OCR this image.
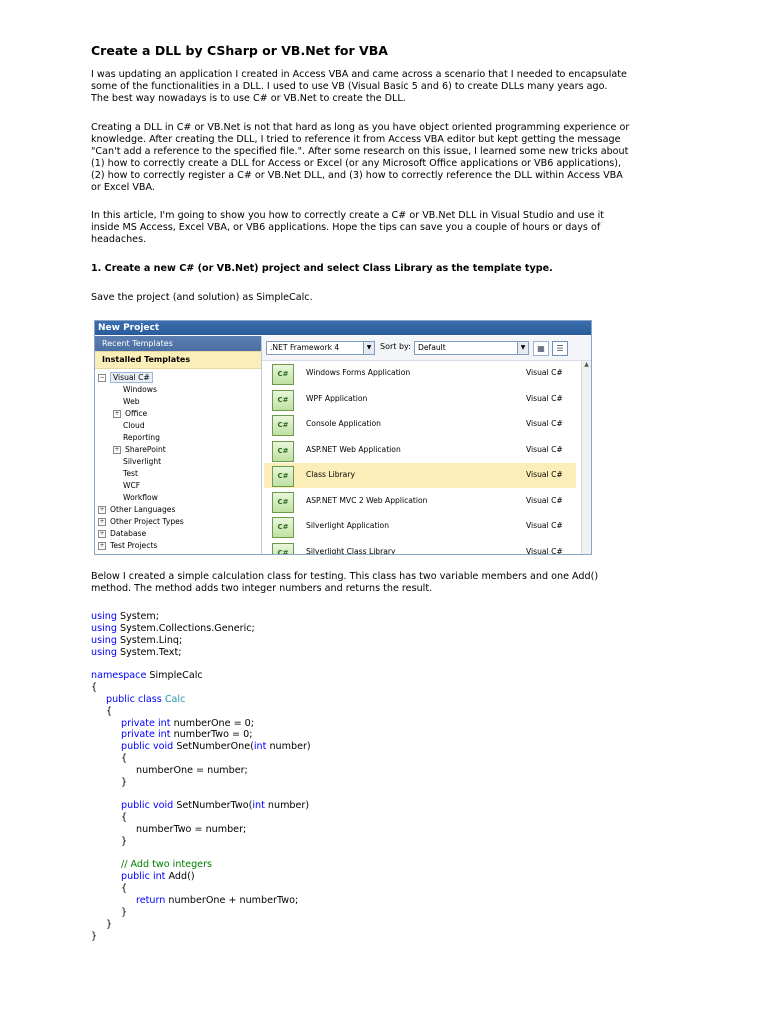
Create a DLL by CSharp or VB.Net for VBA
I was updating an application I created in Access VBA and came across a scenario that I needed to encapsulate
some of the functionalities in a DLL. I used to use VB (Visual Basic 5 and 6) to create DLLs many years ago.
The best way nowadays is to use C# or VB.Net to create the DLL.
Creating a DLL in C# or VB.Net is not that hard as long as you have object oriented programming experience or
knowledge. After creating the DLL, I tried to reference it from Access VBA editor but kept getting the message
"Can't add a reference to the specified file.". After some research on this issue, I learned some new tricks about
(1) how to correctly create a DLL for Access or Excel (or any Microsoft Office applications or VB6 applications),
(2) how to correctly register a C# or VB.Net DLL, and (3) how to correctly reference the DLL within Access VBA
or Excel VBA.
In this article, I'm going to show you how to correctly create a C# or VB.Net DLL in Visual Studio and use it
inside MS Access, Excel VBA, or VB6 applications. Hope the tips can save you a couple of hours or days of
headaches.
1. Create a new C# (or VB.Net) project and select Class Library as the template type.
Save the project (and solution) as SimpleCalc.
New Project
Recent Templates
Installed Templates
− Visual C#
Windows
Web
+ Office
Cloud
Reporting
+ SharePoint
Silverlight
Test
WCF
Workflow
+ Other Languages
+ Other Project Types
+ Database
+ Test Projects
.NET Framework 4	▼	Sort by: Default	▼	▦	☰
C#	Windows Forms Application	Visual C#
C#	WPF Application	Visual C#
C#	Console Application	Visual C#
C#	ASP.NET Web Application	Visual C#
C#	Class Library	Visual C#
C#	ASP.NET MVC 2 Web Application	Visual C#
C#	Silverlight Application	Visual C#
C#	Silverlight Class Library	Visual C#
▲
Below I created a simple calculation class for testing. This class has two variable members and one Add()
method. The method adds two integer numbers and returns the result.
using System;
using System.Collections.Generic;
using System.Linq;
using System.Text;
namespace SimpleCalc
{
public class Calc
{
private int numberOne = 0;
private int numberTwo = 0;
public void SetNumberOne(int number)
{
numberOne = number;
}
public void SetNumberTwo(int number)
{
numberTwo = number;
}
// Add two integers
public int Add()
{
return numberOne + numberTwo;
}
}
}
